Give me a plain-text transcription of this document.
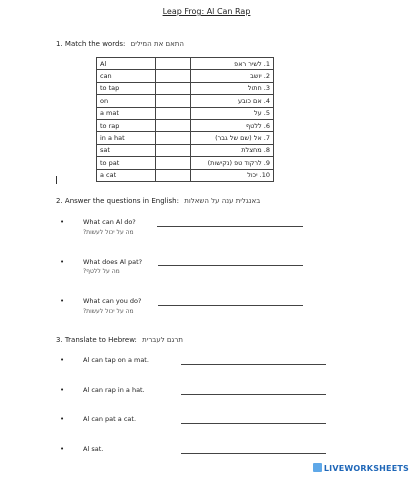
Leap Frog: Al Can Rap
1. Match the words: התאם את המילים
Al		1. לשיר ראפ
can		2. יושב
to tap		3. חתול
on		4. אם כובע
a mat		5. על
to rap		6. ללטף
in a hat		7. אל (שם של גבר)
sat		8. מחצלת
to pat		9. לרקוד טפ (נקישות)
a cat		10. יכול
2. Answer the questions in English: באנגלית ענה על השאלות
•	What can Al do?
מה על יכול לעשות?
•	What does Al pat?
מה על ללטף?
•	What can you do?
מה על יכול לעשות?
3. Translate to Hebrew: תרגם לעברית
•	Al can tap on a mat.
•	Al can rap in a hat.
•	Al can pat a cat.
•	Al sat.
LIVEWORKSHEETS
